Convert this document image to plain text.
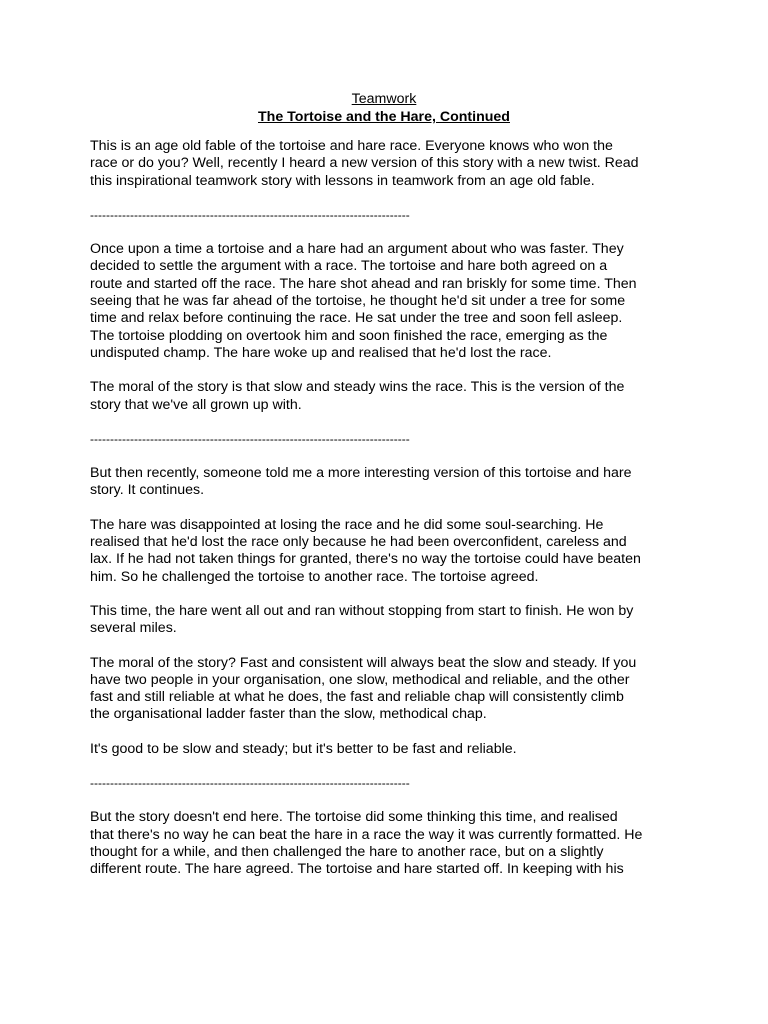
Teamwork
The Tortoise and the Hare, Continued
This is an age old fable of the tortoise and hare race. Everyone knows who won the
race or do you? Well, recently I heard a new version of this story with a new twist. Read
this inspirational teamwork story with lessons in teamwork from an age old fable.
--------------------------------------------------------------------------------
Once upon a time a tortoise and a hare had an argument about who was faster. They
decided to settle the argument with a race. The tortoise and hare both agreed on a
route and started off the race. The hare shot ahead and ran briskly for some time. Then
seeing that he was far ahead of the tortoise, he thought he'd sit under a tree for some
time and relax before continuing the race. He sat under the tree and soon fell asleep.
The tortoise plodding on overtook him and soon finished the race, emerging as the
undisputed champ. The hare woke up and realised that he'd lost the race.
The moral of the story is that slow and steady wins the race. This is the version of the
story that we've all grown up with.
--------------------------------------------------------------------------------
But then recently, someone told me a more interesting version of this tortoise and hare
story. It continues.
The hare was disappointed at losing the race and he did some soul-searching. He
realised that he'd lost the race only because he had been overconfident, careless and
lax. If he had not taken things for granted, there's no way the tortoise could have beaten
him. So he challenged the tortoise to another race. The tortoise agreed.
This time, the hare went all out and ran without stopping from start to finish. He won by
several miles.
The moral of the story? Fast and consistent will always beat the slow and steady. If you
have two people in your organisation, one slow, methodical and reliable, and the other
fast and still reliable at what he does, the fast and reliable chap will consistently climb
the organisational ladder faster than the slow, methodical chap.
It's good to be slow and steady; but it's better to be fast and reliable.
--------------------------------------------------------------------------------
But the story doesn't end here. The tortoise did some thinking this time, and realised
that there's no way he can beat the hare in a race the way it was currently formatted. He
thought for a while, and then challenged the hare to another race, but on a slightly
different route. The hare agreed. The tortoise and hare started off. In keeping with his
